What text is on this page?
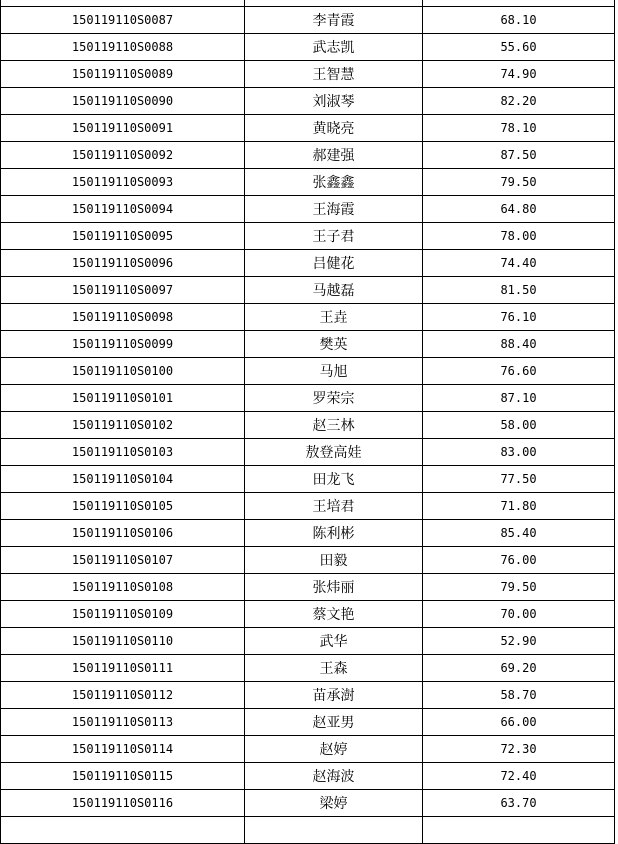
150119110S0087	李青霞	68.10
150119110S0088	武志凯	55.60
150119110S0089	王智慧	74.90
150119110S0090	刘淑琴	82.20
150119110S0091	黄晓亮	78.10
150119110S0092	郝建强	87.50
150119110S0093	张鑫鑫	79.50
150119110S0094	王海霞	64.80
150119110S0095	王子君	78.00
150119110S0096	吕健花	74.40
150119110S0097	马越磊	81.50
150119110S0098	王垚	76.10
150119110S0099	樊英	88.40
150119110S0100	马旭	76.60
150119110S0101	罗荣宗	87.10
150119110S0102	赵三林	58.00
150119110S0103	敖登高娃	83.00
150119110S0104	田龙飞	77.50
150119110S0105	王培君	71.80
150119110S0106	陈利彬	85.40
150119110S0107	田毅	76.00
150119110S0108	张炜丽	79.50
150119110S0109	蔡文艳	70.00
150119110S0110	武华	52.90
150119110S0111	王森	69.20
150119110S0112	苗承澍	58.70
150119110S0113	赵亚男	66.00
150119110S0114	赵婷	72.30
150119110S0115	赵海波	72.40
150119110S0116	梁婷	63.70
